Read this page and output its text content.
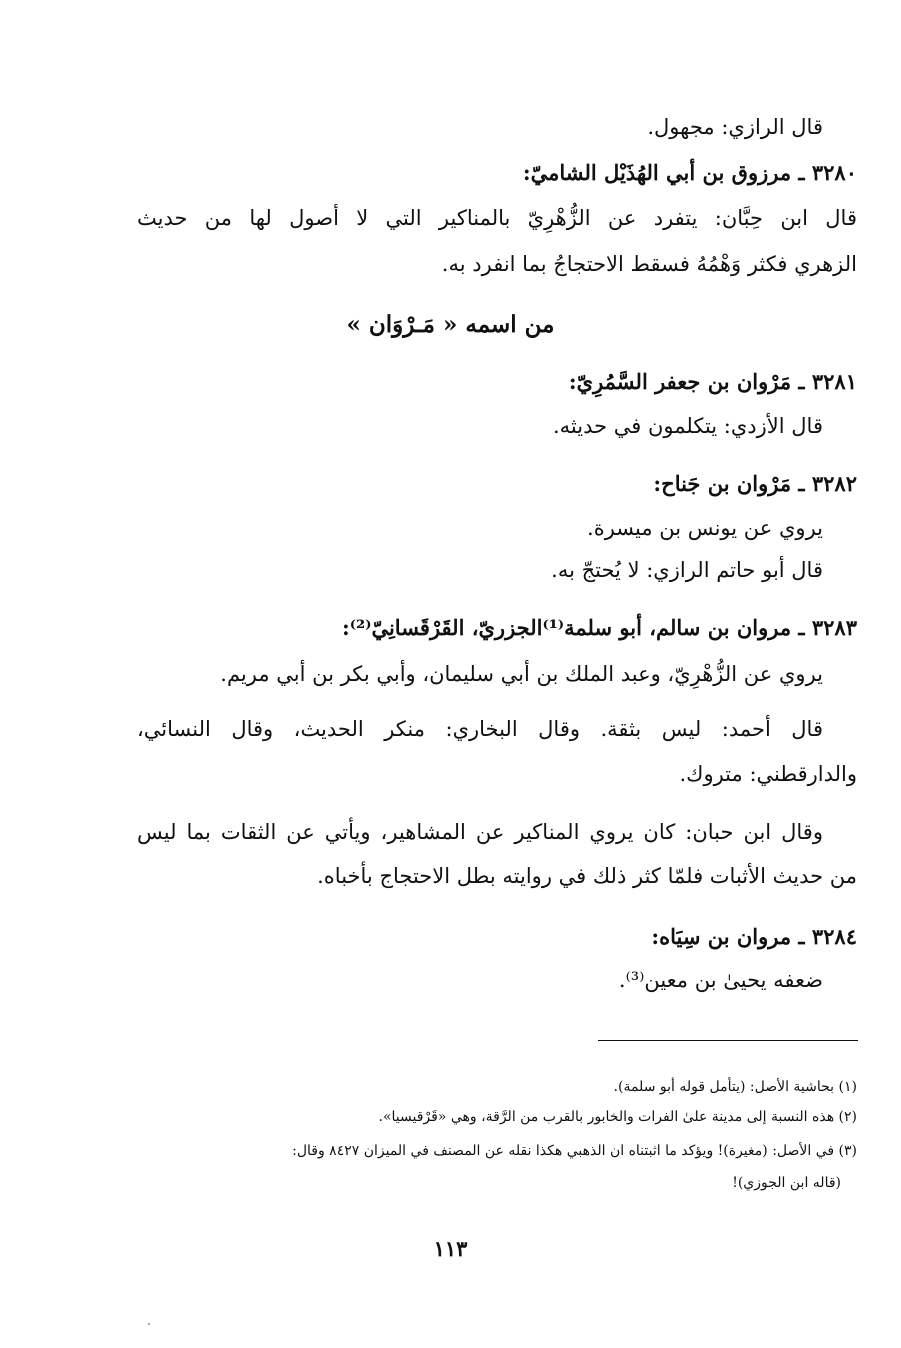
قال الرازي: مجهول.
٣٢٨٠ ـ مرزوق بن أبي الهُذَيْل الشاميّ:
قال ابن حِبَّان: يتفرد عن الزُّهْرِيّ بالمناكير التي لا أصول لها من حديث
الزهري فكثر وَهْمُهُ فسقط الاحتجاجُ بما انفرد به.
من اسمه « مَـرْوَان »
٣٢٨١ ـ مَرْوان بن جعفر السَّمُرِيّ:
قال الأزدي: يتكلمون في حديثه.
٣٢٨٢ ـ مَرْوان بن جَناح:
يروي عن يونس بن ميسرة.
قال أبو حاتم الرازي: لا يُحتجّ به.
٣٢٨٣ ـ مروان بن سالم، أبو سلمة⁽¹⁾الجزريّ، القَرْقَسانِيّ⁽²⁾:
يروي عن الزُّهْرِيّ، وعبد الملك بن أبي سليمان، وأبي بكر بن أبي مريم.
قال أحمد: ليس بثقة. وقال البخاري: منكر الحديث، وقال النسائي،
والدارقطني: متروك.
وقال ابن حبان: كان يروي المناكير عن المشاهير، ويأتي عن الثقات بما ليس
من حديث الأثبات فلمّا كثر ذلك في روايته بطل الاحتجاج بأخباه.
٣٢٨٤ ـ مروان بن سِيَاه:
ضعفه يحيىٰ بن معين⁽³⁾.
(١) بحاشية الأصل: (يتأمل قوله أبو سلمة).
(٢) هذه النسبة إلى مدينة علىٰ الفرات والخابور بالقرب من الرَّقة، وهي «قَرْقيسيا».
(٣) في الأصل: (مغيرة)! ويؤكد ما اثبتناه ان الذهبي هكذا نقله عن المصنف في الميزان ٨٤٢٧ وقال:
(قاله ابن الجوزي)!
١١٣
